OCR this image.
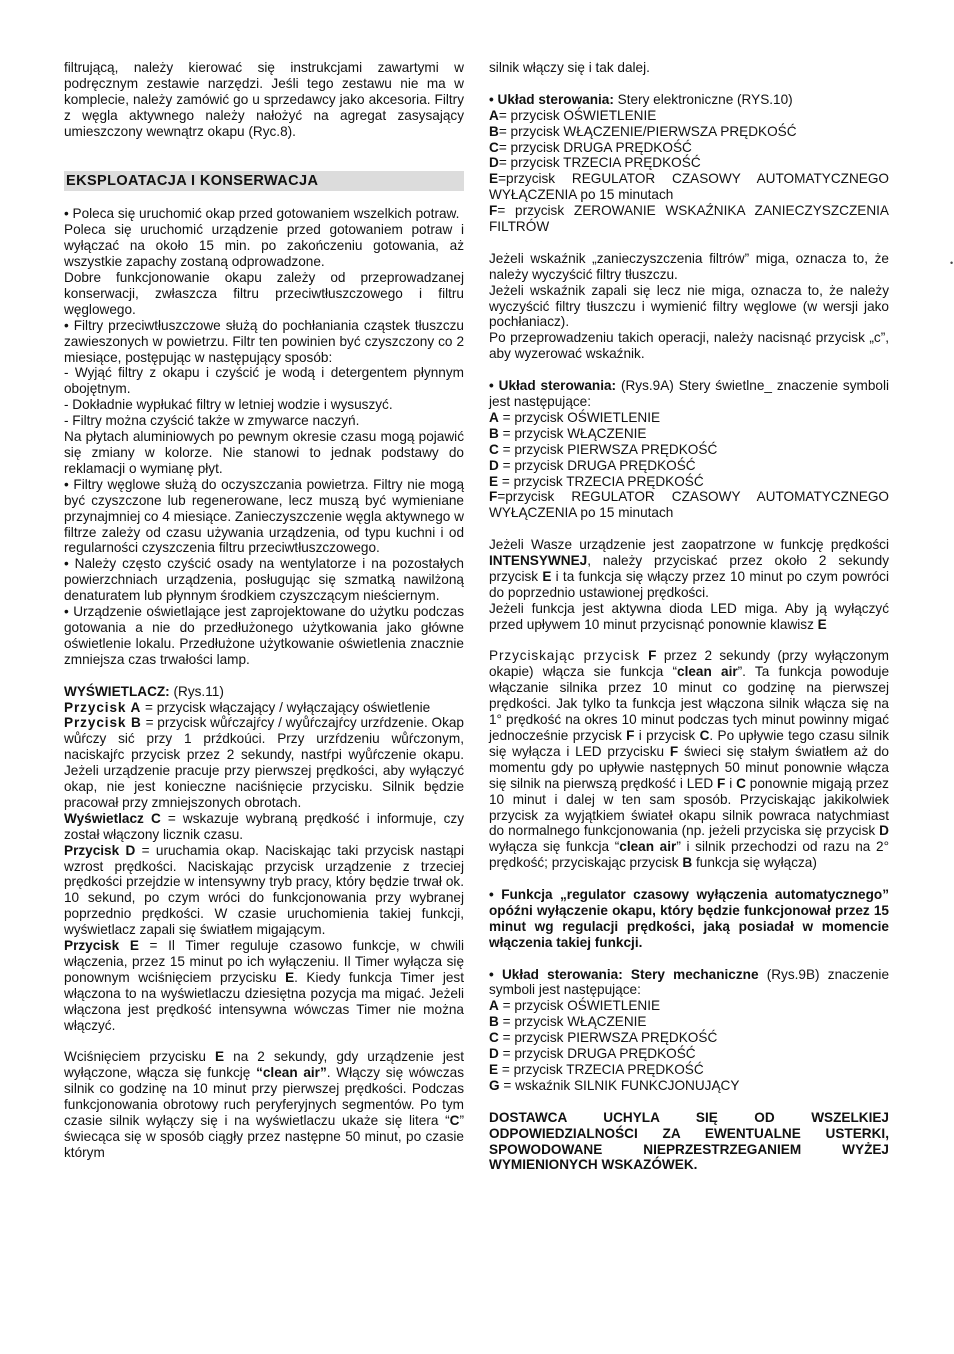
filtrującą, należy kierować się instrukcjami zawartymi w podręcznym zestawie narzędzi. Jeśli tego zestawu nie ma w komplecie, należy zamówić go u sprzedawcy jako akcesoria. Filtry z węgla aktywnego należy nałożyć na agregat zasysający umieszczony wewnątrz okapu (Ryc.8).

EKSPLOATACJA I KONSERWACJA

• Poleca się uruchomić okap przed gotowaniem wszelkich potraw.

Poleca się uruchomić urządzenie przed gotowaniem potraw i wyłączać na około 15 min. po zakończeniu gotowania, aż wszystkie zapachy zostaną odprowadzone.

Dobre funkcjonowanie okapu zależy od przeprowadzanej konserwacji, zwłaszcza filtru przeciwtłuszczowego i filtru węglowego.

• Filtry przeciwtłuszczowe służą do pochłaniania cząstek tłuszczu zawieszonych w powietrzu. Filtr ten powinien być czyszczony co 2 miesiące, postępując w następujący sposób:

- Wyjąć filtry z okapu i czyścić je wodą i detergentem płynnym obojętnym.

- Dokładnie wypłukać filtry w letniej wodzie i wysuszyć.

- Filtry można czyścić także w zmywarce naczyń.

Na płytach aluminiowych po pewnym okresie czasu mogą pojawić się zmiany w kolorze. Nie stanowi to jednak podstawy do reklamacji o wymianę płyt.

• Filtry węglowe służą do oczyszczania powietrza. Filtry nie mogą być czyszczone lub regenerowane, lecz muszą być wymieniane przynajmniej co 4 miesiące. Zanieczyszczenie węgla aktywnego w filtrze zależy od czasu używania urządzenia, od typu kuchni i od regularności czyszczenia filtru przeciwtłuszczowego.

• Należy często czyścić osady na wentylatorze i na pozostałych powierzchniach urządzenia, posługując się szmatką nawilżoną denaturatem lub płynnym środkiem czyszczącym nieściernym.

• Urządzenie oświetlające jest zaprojektowane do użytku podczas gotowania a nie do przedłużonego użytkowania jako główne oświetlenie lokalu. Przedłużone użytkowanie oświetlenia znacznie zmniejsza czas trwałości lamp.

WYŚWIETLACZ: (Rys.11)

Przycisk A = przycisk włączający / wyłączający oświetlenie

Przycisk B = przycisk wůŕczajŕcy / wyůŕczajŕcy urzŕdzenie. Okap wůŕczy sić przy 1 prźdkoúci. Przy urzŕdzeniu wůŕczonym, naciskajŕc przycisk przez 2 sekundy, nastŕpi wyůŕczenie okapu. Jeżeli urządzenie pracuje przy pierwszej prędkości, aby wyłączyć okap, nie jest konieczne naciśnięcie przycisku. Silnik będzie pracował przy zmniejszonych obrotach.

Wyświetlacz C = wskazuje wybraną prędkość i informuje, czy został włączony licznik czasu.

Przycisk D = uruchamia okap. Naciskając taki przycisk nastąpi wzrost prędkości. Naciskając przycisk urządzenie z trzeciej prędkości przejdzie w intensywny tryb pracy, który będzie trwał ok. 10 sekund, po czym wróci do funkcjonowania przy wybranej poprzednio prędkości. W czasie uruchomienia takiej funkcji, wyświetlacz zapali się światłem migającym.

Przycisk E = Il Timer reguluje czasowo funkcje, w chwili włączenia, przez 15 minut po ich wyłączeniu. Il Timer wyłącza się ponownym wciśnięciem przycisku E. Kiedy funkcja Timer jest włączona to na wyświetlaczu dziesiętna pozycja ma migać. Jeżeli włączona jest prędkość intensywna wówczas Timer nie można włączyć.

Wciśnięciem przycisku E na 2 sekundy, gdy urządzenie jest wyłączone, włącza się funkcję “clean air”. Włączy się wówczas silnik co godzinę na 10 minut przy pierwszej prędkości. Podczas funkcjonowania obrotowy ruch peryferyjnych segmentów. Po tym czasie silnik wyłączy się i na wyświetlaczu ukaże się litera “C” świecąca się w sposób ciągły przez następne 50 minut, po czasie którym

silnik włączy się i tak dalej.

• Układ sterowania: Stery elektroniczne (RYS.10)

A= przycisk OŚWIETLENIE

B= przycisk WŁĄCZENIE/PIERWSZA PRĘDKOŚĆ

C= przycisk DRUGA PRĘDKOŚĆ

D= przycisk TRZECIA PRĘDKOŚĆ

E=przycisk REGULATOR CZASOWY AUTOMATYCZNEGO WYŁĄCZENIA po 15 minutach

F= przycisk ZEROWANIE WSKAŹNIKA ZANIECZYSZCZENIA FILTRÓW

Jeżeli wskaźnik „zanieczyszczenia filtrów” miga, oznacza to, że należy wyczyścić filtry tłuszczu.

Jeżeli wskaźnik zapali się lecz nie miga, oznacza to, że należy wyczyścić filtry tłuszczu i wymienić filtry węglowe (w wersji jako pochłaniacz).

Po przeprowadzeniu takich operacji, należy nacisnąć przycisk „c”, aby wyzerować wskaźnik.

• Układ sterowania: (Rys.9A) Stery świetlne_ znaczenie symboli jest następujące:

A = przycisk OŚWIETLENIE

B = przycisk WŁĄCZENIE

C = przycisk PIERWSZA PRĘDKOŚĆ

D = przycisk DRUGA PRĘDKOŚĆ

E = przycisk TRZECIA PRĘDKOŚĆ

F=przycisk REGULATOR CZASOWY AUTOMATYCZNEGO WYŁĄCZENIA po 15 minutach

Jeżeli Wasze urządzenie jest zaopatrzone w funkcję prędkości INTENSYWNEJ, należy przyciskać przez około 2 sekundy przycisk E i ta funkcja się włączy przez 10 minut po czym powróci do poprzednio ustawionej prędkości.

Jeżeli funkcja jest aktywna dioda LED miga. Aby ją wyłączyć przed upływem 10 minut przycisnąć ponownie klawisz E

Przyciskając przycisk F przez 2 sekundy (przy wyłączonym okapie) włącza sie funkcja “clean air”. Ta funkcja powoduje włączanie silnika przez 10 minut co godzinę na pierwszej prędkości. Jak tylko ta funkcja jest włączona silnik włącza się na 1° prędkość na okres 10 minut podczas tych minut powinny migać jednocześnie przycisk F i przycisk C. Po upływie tego czasu silnik się wyłącza i LED przycisku F świeci się stałym światłem aż do momentu gdy po upływie następnych 50 minut ponownie włącza się silnik na pierwszą prędkość i LED F i C ponownie migają przez 10 minut i dalej w ten sam sposób. Przyciskając jakikolwiek przycisk za wyjątkiem świateł okapu silnik powraca natychmiast do normalnego funkcjonowania (np. jeżeli przyciska się przycisk D wyłącza się funkcja “clean air” i silnik przechodzi od razu na 2° prędkość; przyciskając przycisk B funkcja się wyłącza)

• Funkcja „regulator czasowy wyłączenia automatycznego” opóźni wyłączenie okapu, który będzie funkcjonował przez 15 minut wg regulacji prędkości, jaką posiadał w momencie włączenia takiej funkcji.

• Układ sterowania: Stery mechaniczne (Rys.9B) znaczenie symboli jest następujące:

A = przycisk OŚWIETLENIE

B = przycisk WŁĄCZENIE

C = przycisk PIERWSZA PRĘDKOŚĆ

D = przycisk DRUGA PRĘDKOŚĆ

E = przycisk TRZECIA PRĘDKOŚĆ

G = wskaźnik SILNIK FUNKCJONUJĄCY

DOSTAWCA UCHYLA SIĘ OD WSZELKIEJ ODPOWIEDZIALNOŚCI ZA EWENTUALNE USTERKI, SPOWODOWANE NIEPRZESTRZEGANIEM WYŻEJ WYMIENIONYCH WSKAZÓWEK.

•
